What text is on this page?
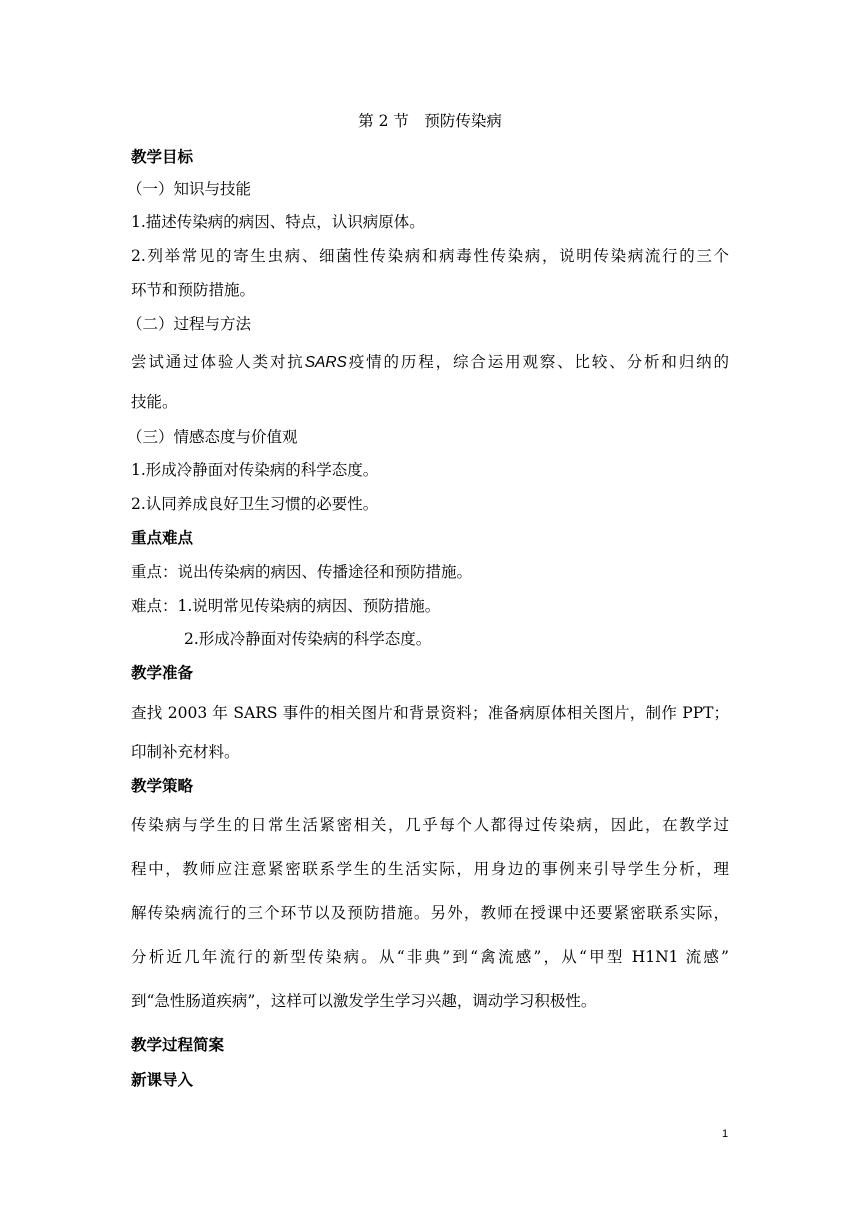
第 2 节　预防传染病
教学目标
（一）知识与技能
1.描述传染病的病因、特点，认识病原体。
2.列举常见的寄生虫病、细菌性传染病和病毒性传染病，说明传染病流行的三个
环节和预防措施。
（二）过程与方法
尝试通过体验人类对抗SARS疫情的历程，综合运用观察、比较、分析和归纳的
技能。
（三）情感态度与价值观
1.形成冷静面对传染病的科学态度。
2.认同养成良好卫生习惯的必要性。
重点难点
重点：说出传染病的病因、传播途径和预防措施。
难点：1.说明常见传染病的病因、预防措施。
2.形成冷静面对传染病的科学态度。
教学准备
查找 2003 年 SARS 事件的相关图片和背景资料；准备病原体相关图片，制作 PPT；
印制补充材料。
教学策略
传染病与学生的日常生活紧密相关，几乎每个人都得过传染病，因此，在教学过
程中，教师应注意紧密联系学生的生活实际，用身边的事例来引导学生分析，理
解传染病流行的三个环节以及预防措施。另外，教师在授课中还要紧密联系实际，
分析近几年流行的新型传染病。从“非典”到“禽流感”，从“甲型 H1N1 流感”
到“急性肠道疾病”，这样可以激发学生学习兴趣，调动学习积极性。
教学过程简案
新课导入
1
